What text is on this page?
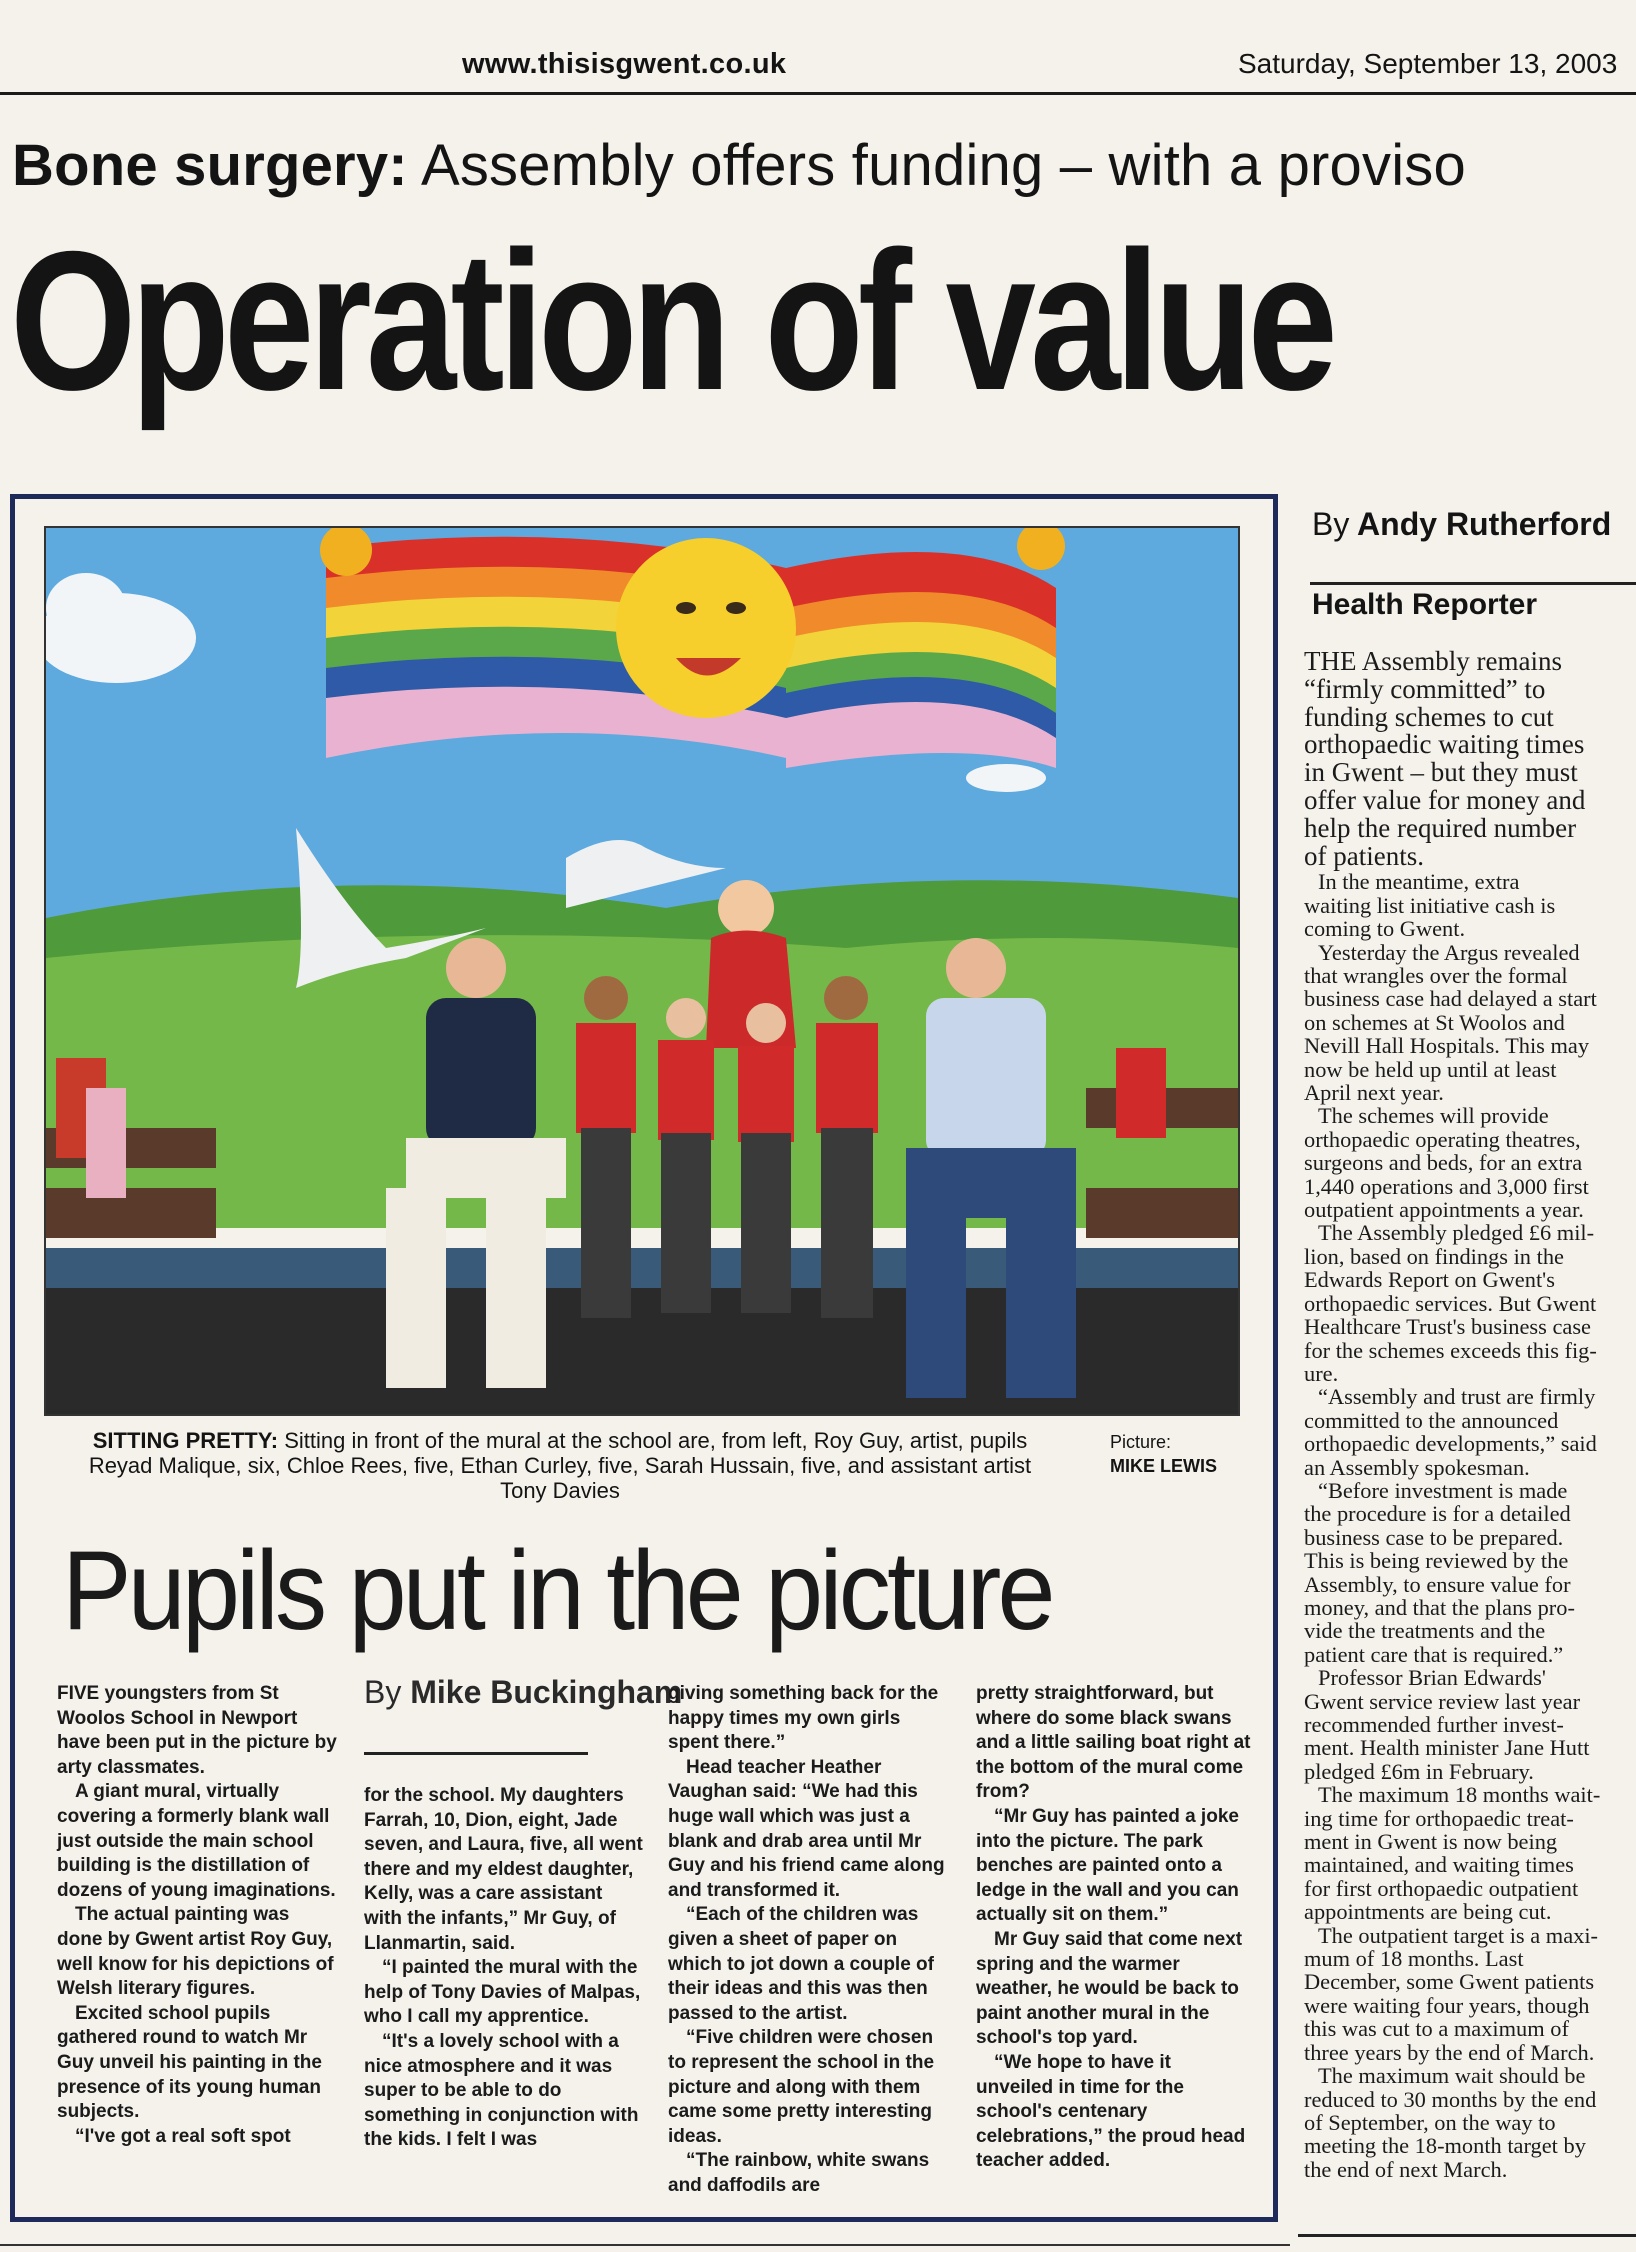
www.thisisgwent.co.uk	Saturday, September 13, 2003
Bone surgery: Assembly offers funding – with a proviso
Operation of value
SITTING PRETTY: Sitting in front of the mural at the school are, from left, Roy Guy, artist, pupils Reyad Malique, six, Chloe Rees, five, Ethan Curley, five, Sarah Hussain, five, and assistant artist Tony Davies
Picture:
MIKE LEWIS
Pupils put in the picture
By Mike Buckingham

FIVE youngsters from St Woolos School in Newport have been put in the picture by arty classmates.

A giant mural, virtually covering a formerly blank wall just outside the main school building is the distillation of dozens of young imaginations.

The actual painting was done by Gwent artist Roy Guy, well know for his depictions of Welsh literary figures.

Excited school pupils gathered round to watch Mr Guy unveil his painting in the presence of its young human subjects.

“I've got a real soft spot

for the school. My daughters Farrah, 10, Dion, eight, Jade seven, and Laura, five, all went there and my eldest daughter, Kelly, was a care assistant with the infants,” Mr Guy, of Llanmartin, said.

“I painted the mural with the help of Tony Davies of Malpas, who I call my apprentice.

“It's a lovely school with a nice atmosphere and it was super to be able to do something in conjunction with the kids. I felt I was

giving something back for the happy times my own girls spent there.”

Head teacher Heather Vaughan said: “We had this huge wall which was just a blank and drab area until Mr Guy and his friend came along and transformed it.

“Each of the children was given a sheet of paper on which to jot down a couple of their ideas and this was then passed to the artist.

“Five children were chosen to represent the school in the picture and along with them came some pretty interesting ideas.

“The rainbow, white swans and daffodils are

pretty straightforward, but where do some black swans and a little sailing boat right at the bottom of the mural come from?

“Mr Guy has painted a joke into the picture. The park benches are painted onto a ledge in the wall and you can actually sit on them.”

Mr Guy said that come next spring and the warmer weather, he would be back to paint another mural in the school's top yard.

“We hope to have it unveiled in time for the school's centenary celebrations,” the proud head teacher added.

By Andy Rutherford
Health Reporter

THE Assembly remains

“firmly committed” to

funding schemes to cut

orthopaedic waiting times

in Gwent – but they must

offer value for money and

help the required number

of patients.

In the meantime, extra

waiting list initiative cash is

coming to Gwent.

Yesterday the Argus revealed

that wrangles over the formal

business case had delayed a start

on schemes at St Woolos and

Nevill Hall Hospitals. This may

now be held up until at least

April next year.

The schemes will provide

orthopaedic operating theatres,

surgeons and beds, for an extra

1,440 operations and 3,000 first

outpatient appointments a year.

The Assembly pledged £6 mil-

lion, based on findings in the

Edwards Report on Gwent's

orthopaedic services. But Gwent

Healthcare Trust's business case

for the schemes exceeds this fig-

ure.

“Assembly and trust are firmly

committed to the announced

orthopaedic developments,” said

an Assembly spokesman.

“Before investment is made

the procedure is for a detailed

business case to be prepared.

This is being reviewed by the

Assembly, to ensure value for

money, and that the plans pro-

vide the treatments and the

patient care that is required.”

Professor Brian Edwards'

Gwent service review last year

recommended further invest-

ment. Health minister Jane Hutt

pledged £6m in February.

The maximum 18 months wait-

ing time for orthopaedic treat-

ment in Gwent is now being

maintained, and waiting times

for first orthopaedic outpatient

appointments are being cut.

The outpatient target is a maxi-

mum of 18 months. Last

December, some Gwent patients

were waiting four years, though

this was cut to a maximum of

three years by the end of March.

The maximum wait should be

reduced to 30 months by the end

of September, on the way to

meeting the 18-month target by

the end of next March.
